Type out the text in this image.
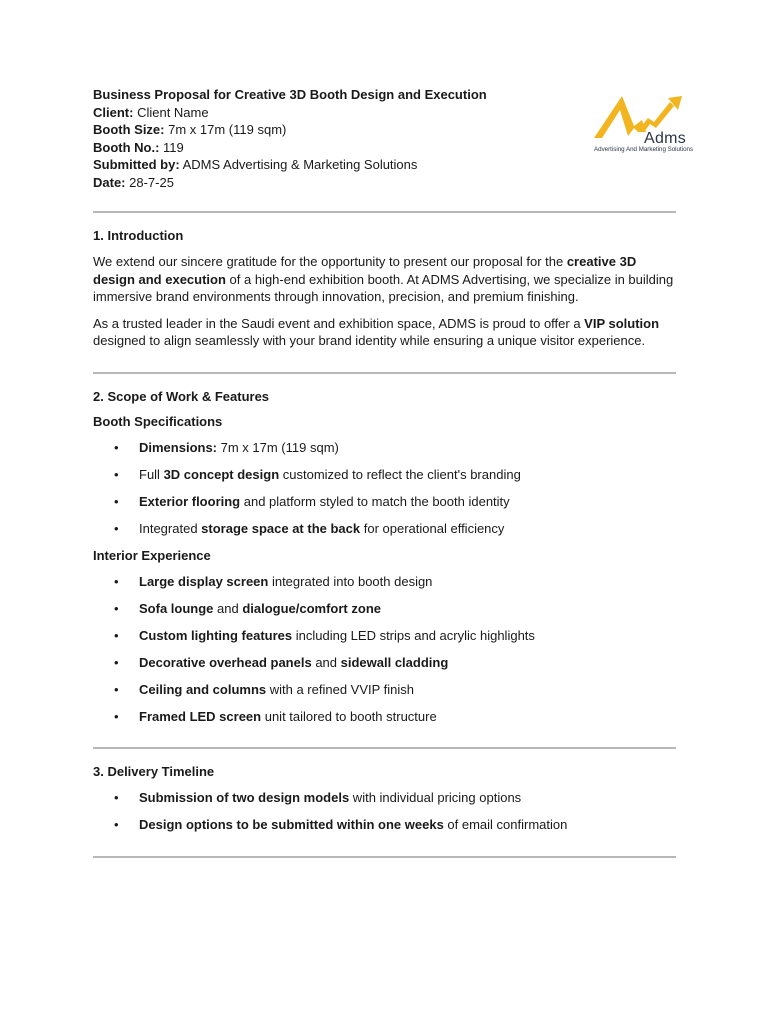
Adms
Advertising And Marketing Solutions
Business Proposal for Creative 3D Booth Design and Execution
Client: Client Name
Booth Size: 7m x 17m (119 sqm)
Booth No.: 119
Submitted by: ADMS Advertising & Marketing Solutions
Date: 28-7-25
1. Introduction

We extend our sincere gratitude for the opportunity to present our proposal for the creative 3D design and execution of a high-end exhibition booth. At ADMS Advertising, we specialize in building immersive brand environments through innovation, precision, and premium finishing.

As a trusted leader in the Saudi event and exhibition space, ADMS is proud to offer a VIP solution designed to align seamlessly with your brand identity while ensuring a unique visitor experience.

2. Scope of Work & Features
Booth Specifications
• Dimensions: 7m x 17m (119 sqm)
• Full 3D concept design customized to reflect the client's branding
• Exterior flooring and platform styled to match the booth identity
• Integrated storage space at the back for operational efficiency
Interior Experience
• Large display screen integrated into booth design
• Sofa lounge and dialogue/comfort zone
• Custom lighting features including LED strips and acrylic highlights
• Decorative overhead panels and sidewall cladding
• Ceiling and columns with a refined VVIP finish
• Framed LED screen unit tailored to booth structure
3. Delivery Timeline
• Submission of two design models with individual pricing options
• Design options to be submitted within one weeks of email confirmation
